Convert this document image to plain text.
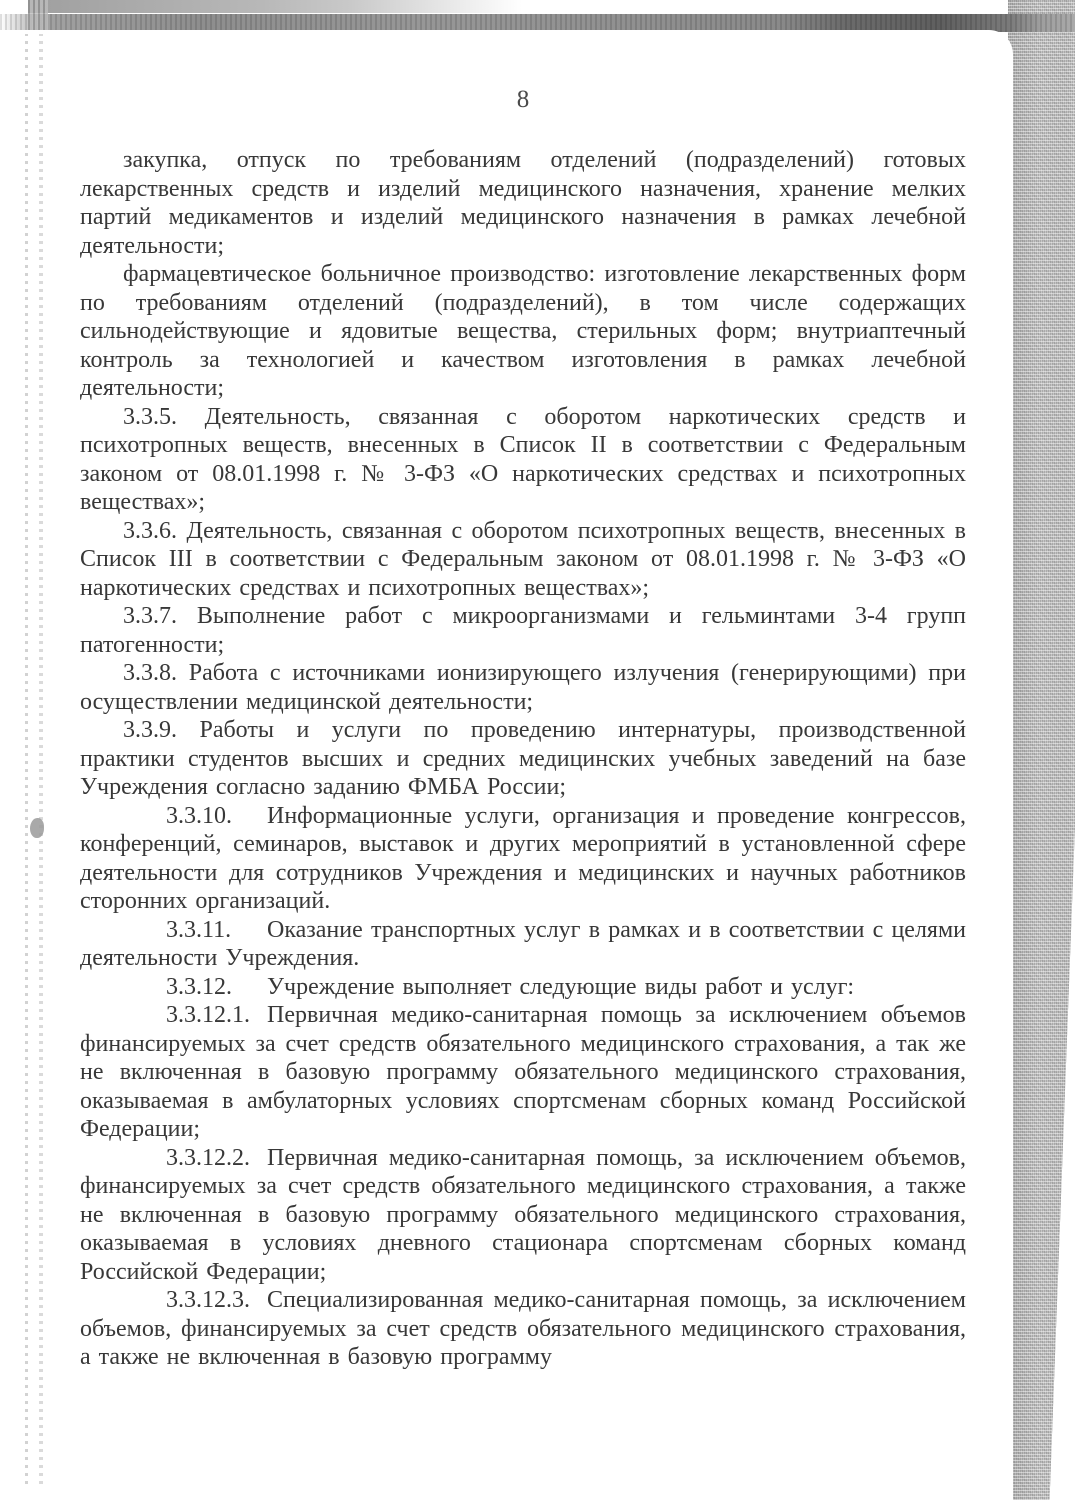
8

закупка, отпуск по требованиям отделений (подразделений) готовых лекарственных средств и изделий медицинского назначения, хранение мелких партий медикаментов и изделий медицинского назначения в рамках лечебной деятельности;

фармацевтическое больничное производство: изготовление лекарственных форм по требованиям отделений (подразделений), в том числе содержащих сильнодействующие и ядовитые вещества, стерильных форм; внутриаптечный контроль за технологией и качеством изготовления в рамках лечебной деятельности;

3.3.5. Деятельность, связанная с оборотом наркотических средств и психотропных веществ, внесенных в Список II в соответствии с Федеральным законом от 08.01.1998 г. № 3-ФЗ «О наркотических средствах и психотропных веществах»;

3.3.6. Деятельность, связанная с оборотом психотропных веществ, внесенных в Список III в соответствии с Федеральным законом от 08.01.1998 г. № 3-ФЗ «О наркотических средствах и психотропных веществах»;

3.3.7. Выполнение работ с микроорганизмами и гельминтами 3-4 групп патогенности;

3.3.8. Работа с источниками ионизирующего излучения (генерирующими) при осуществлении медицинской деятельности;

3.3.9. Работы и услуги по проведению интернатуры, производственной практики студентов высших и средних медицинских учебных заведений на базе Учреждения согласно заданию ФМБА России;

3.3.10. Информационные услуги, организация и проведение конгрессов, конференций, семинаров, выставок и других мероприятий в установленной сфере деятельности для сотрудников Учреждения и медицинских и научных работников сторонних организаций.

3.3.11. Оказание транспортных услуг в рамках и в соответствии с целями деятельности Учреждения.

3.3.12. Учреждение выполняет следующие виды работ и услуг:

3.3.12.1. Первичная медико-санитарная помощь за исключением объемов финансируемых за счет средств обязательного медицинского страхования, а так же не включенная в базовую программу обязательного медицинского страхования, оказываемая в амбулаторных условиях спортсменам сборных команд Российской Федерации;

3.3.12.2. Первичная медико-санитарная помощь, за исключением объемов, финансируемых за счет средств обязательного медицинского страхования, а также не включенная в базовую программу обязательного медицинского страхования, оказываемая в условиях дневного стационара спортсменам сборных команд Российской Федерации;

3.3.12.3. Специализированная медико-санитарная помощь, за исключением объемов, финансируемых за счет средств обязательного медицинского страхования, а также не включенная в базовую программу
